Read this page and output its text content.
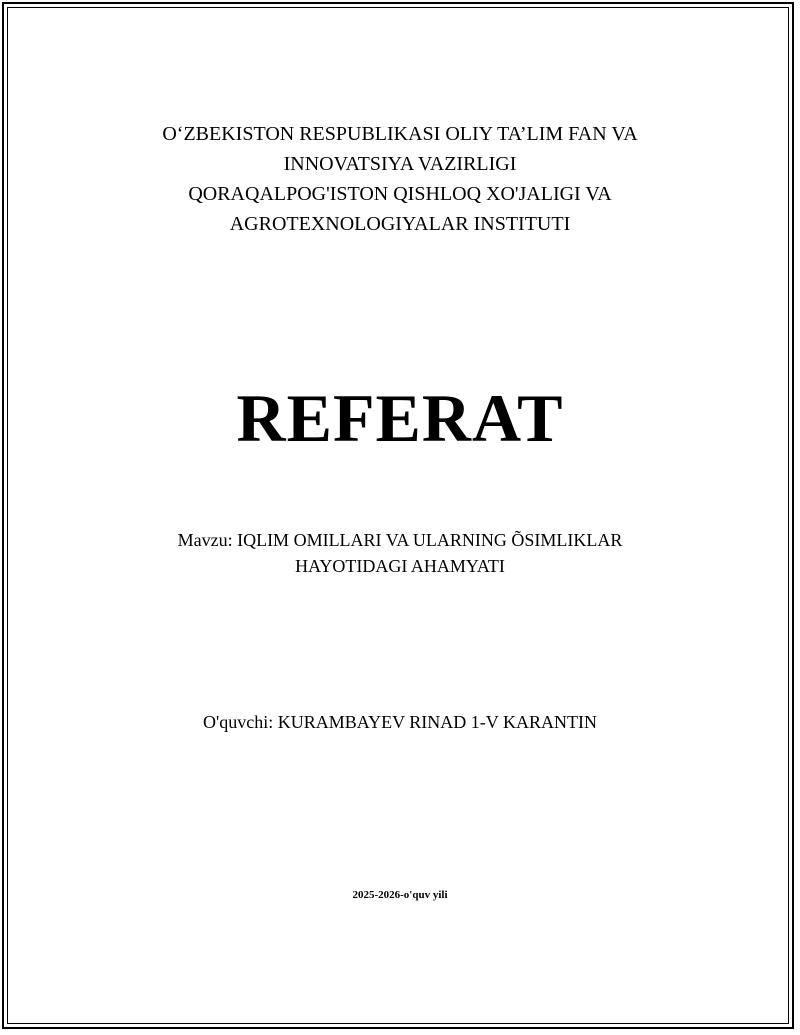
O‘ZBEKISTON RESPUBLIKASI OLIY TA’LIM FAN VA
INNOVATSIYA VAZIRLIGI
QORAQALPOG'ISTON QISHLOQ XO'JALIGI VA
AGROTEXNOLOGIYALAR INSTITUTI
REFERAT
Mavzu: IQLIM OMILLARI VA ULARNING ÕSIMLIKLAR
HAYOTIDAGI AHAMYATI
O'quvchi: KURAMBAYEV RINAD 1-V KARANTIN
2025-2026-o'quv yili
